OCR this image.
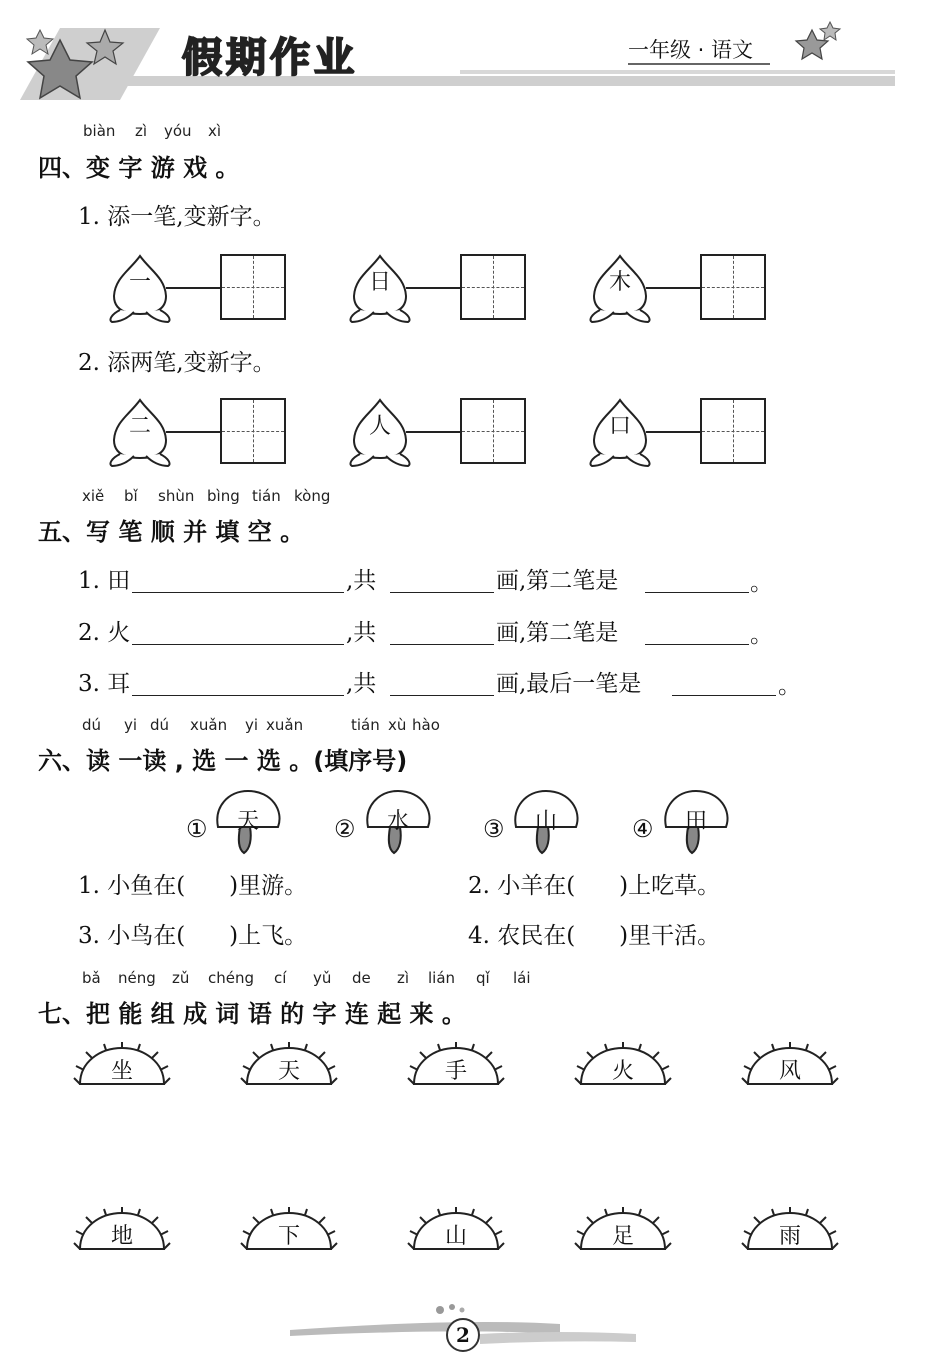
假期作业	一年级 · 语文
biàn zì yóu xì
四、变 字 游 戏 。
1. 添一笔,变新字。
一	日	木
2. 添两笔,变新字。
二	人	口
xiě bǐ shùn bìng tián kòng
五、写 笔 顺 并 填 空 。
1. 田	,共	画,第二笔是	。
2. 火	,共	画,第二笔是	。
3. 耳	,共	画,最后一笔是	。
dú yi dú xuǎn yi xuǎn	tián xù hào
六、读 一读 , 选 一 选 。(填序号)
①	天	②	水	③	山	④	田
1. 小鱼在(      )里游。	2. 小羊在(      )上吃草。
3. 小鸟在(      )上飞。	4. 农民在(      )里干活。
bǎ néng zǔ chéng cí yǔ de zì lián qǐ lái
七、把 能 组 成 词 语 的 字 连 起 来 。
坐	天	手	火	风
地	下	山	足	雨
2
